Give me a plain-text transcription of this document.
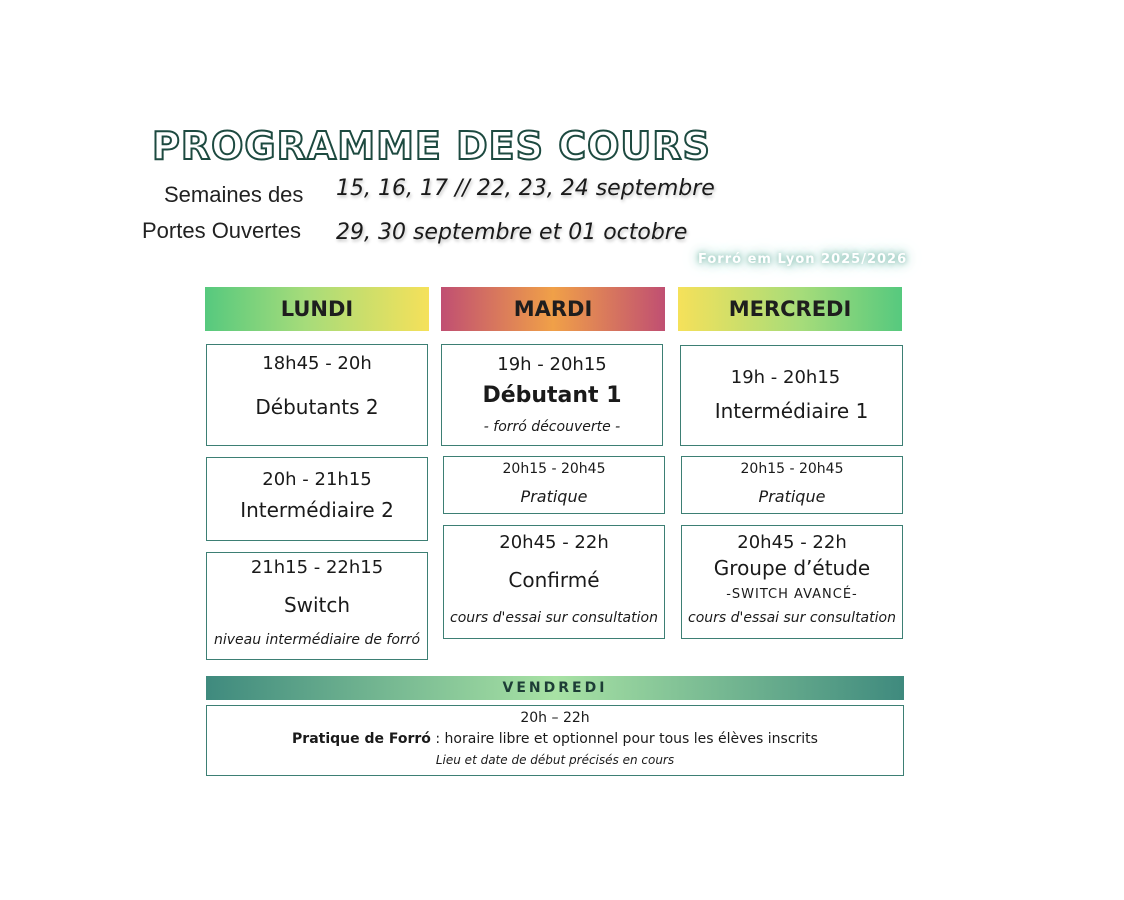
PROGRAMME DES COURS
Semaines des
Portes Ouvertes
15, 16, 17 // 22, 23, 24 septembre
29, 30 septembre et 01 octobre
Forró em Lyon 2025/2026
LUNDI	MARDI	MERCREDI
18h45 - 20h
Débutants 2
20h - 21h15
Intermédiaire 2
21h15 - 22h15
Switch
niveau intermédiaire de forró
19h - 20h15
Débutant 1
- forró découverte -
20h15 - 20h45
Pratique
20h45 - 22h
Confirmé
cours d'essai sur consultation
19h - 20h15
Intermédiaire 1
20h15 - 20h45
Pratique
20h45 - 22h
Groupe d’étude
-SWITCH AVANCÉ-
cours d'essai sur consultation
VENDREDI
20h – 22h
Pratique de Forró : horaire libre et optionnel pour tous les élèves inscrits
Lieu et date de début précisés en cours
